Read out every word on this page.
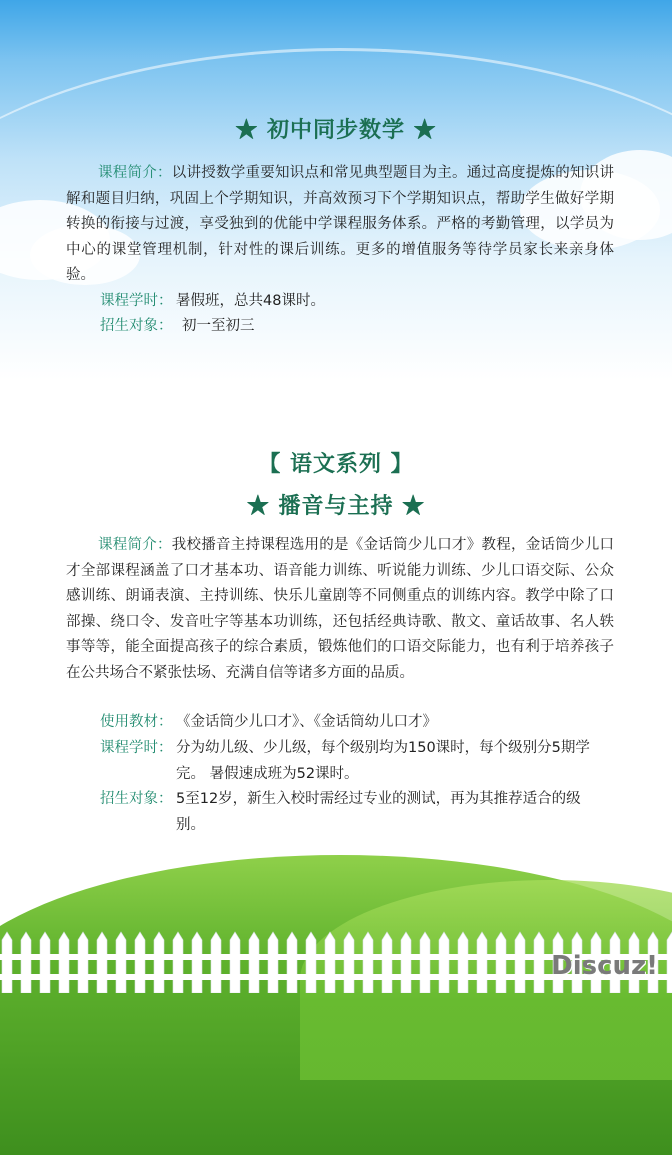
Discuz!
★ 初中同步数学 ★
课程简介：以讲授数学重要知识点和常见典型题目为主。通过高度提炼的知识讲解和题目归纳，巩固上个学期知识，并高效预习下个学期知识点，帮助学生做好学期转换的衔接与过渡，享受独到的优能中学课程服务体系。严格的考勤管理，以学员为中心的课堂管理机制，针对性的课后训练。更多的增值服务等待学员家长来亲身体验。
课程学时： 暑假班，总共48课时。
招生对象： 初一至初三
【 语文系列 】
★ 播音与主持 ★
课程简介：我校播音主持课程选用的是《金话筒少儿口才》教程，金话筒少儿口才全部课程涵盖了口才基本功、语音能力训练、听说能力训练、少儿口语交际、公众感训练、朗诵表演、主持训练、快乐儿童剧等不同侧重点的训练内容。教学中除了口部操、绕口令、发音吐字等基本功训练，还包括经典诗歌、散文、童话故事、名人轶事等等，能全面提高孩子的综合素质，锻炼他们的口语交际能力，也有利于培养孩子在公共场合不紧张怯场、充满自信等诸多方面的品质。
使用教材： 《金话筒少儿口才》、《金话筒幼儿口才》
课程学时： 分为幼儿级、少儿级，每个级别均为150课时，每个级别分5期学完。 暑假速成班为52课时。
招生对象： 5至12岁，新生入校时需经过专业的测试，再为其推荐适合的级别。
